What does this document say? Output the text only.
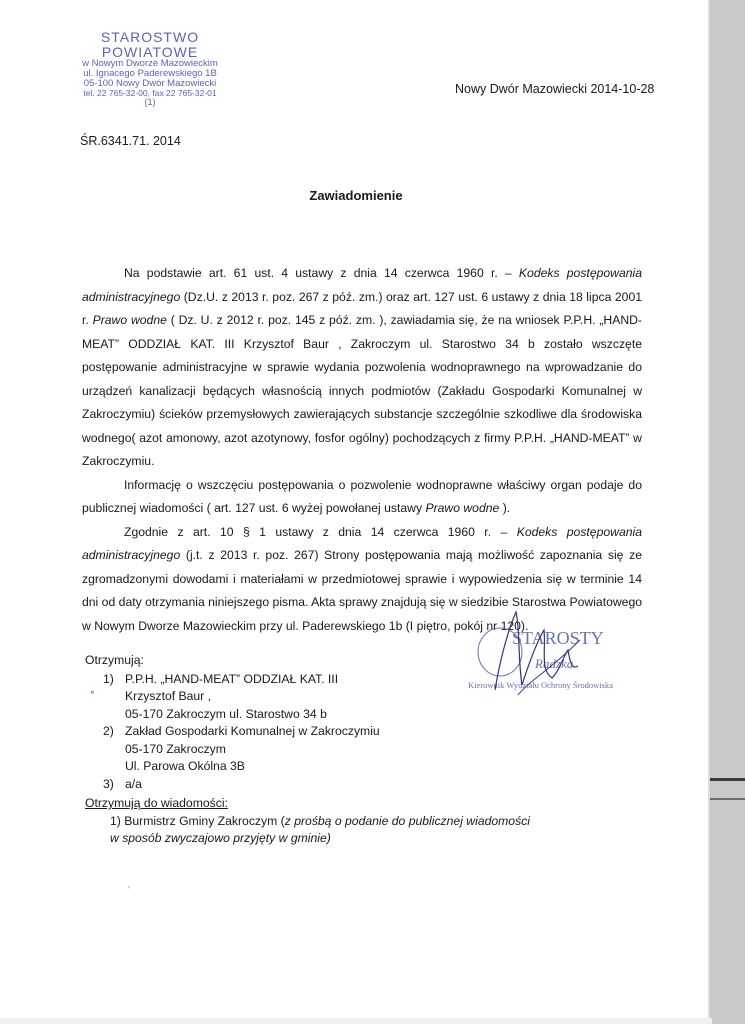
STAROSTWO POWIATOWE
w Nowym Dworze Mazowieckim
ul. Ignacego Paderewskiego 1B
05-100 Nowy Dwór Mazowiecki
tel. 22 765-32-00, fax 22 765-32-01
(1)
Nowy Dwór Mazowiecki 2014-10-28
ŚR.6341.71. 2014
Zawiadomienie

Na podstawie art. 61 ust. 4 ustawy z dnia 14 czerwca 1960 r. – Kodeks postępowania administracyjnego (Dz.U. z 2013 r. poz. 267 z póź. zm.) oraz art. 127 ust. 6 ustawy z dnia 18 lipca 2001 r. Prawo wodne ( Dz. U. z 2012 r. poz. 145 z póź. zm. ), zawiadamia się, że na wniosek P.P.H. „HAND-MEAT” ODDZIAŁ KAT. III Krzysztof Baur , Zakroczym ul. Starostwo 34 b zostało wszczęte postępowanie administracyjne w sprawie wydania pozwolenia wodnoprawnego na wprowadzanie do urządzeń kanalizacji będących własnością innych podmiotów (Zakładu Gospodarki Komunalnej w Zakroczymiu) ścieków przemysłowych zawierających substancje szczególnie szkodliwe dla środowiska wodnego( azot amonowy, azot azotynowy, fosfor ogólny) pochodzących z firmy P.P.H. „HAND-MEAT” w Zakroczymiu.

Informację o wszczęciu postępowania o pozwolenie wodnoprawne właściwy organ podaje do publicznej wiadomości ( art. 127 ust. 6 wyżej powołanej ustawy Prawo wodne ).

Zgodnie z art. 10 § 1 ustawy z dnia 14 czerwca 1960 r. – Kodeks postępowania administracyjnego (j.t. z 2013 r. poz. 267) Strony postępowania mają możliwość zapoznania się ze zgromadzonymi dowodami i materiałami w przedmiotowej sprawie i wypowiedzenia się w terminie 14 dni od daty otrzymania niniejszego pisma. Akta sprawy znajdują się w siedzibie Starostwa Powiatowego w Nowym Dworze Mazowieckim przy ul. Paderewskiego 1b (I piętro, pokój nr 120).

STAROSTY
Radzka
Kierownik Wydziału Ochrony Środowiska
⁍
Otrzymują:
1) P.P.H. „HAND-MEAT” ODDZIAŁ KAT. III
Krzysztof Baur ,
05-170 Zakroczym ul. Starostwo 34 b
2) Zakład Gospodarki Komunalnej w Zakroczymiu
05-170 Zakroczym
Ul. Parowa Okólna 3B
3) a/a
Otrzymują do wiadomości:
1) Burmistrz Gminy Zakroczym (z prośbą o podanie do publicznej wiadomości
w sposób zwyczajowo przyjęty w gminie)
'
